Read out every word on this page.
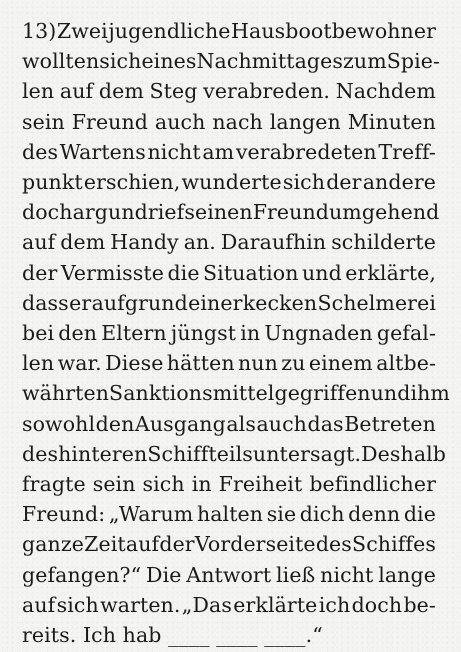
13) Zwei jugendliche Hausbootbewohner
wollten sich eines Nachmittages zum Spie-
len auf dem Steg verabreden. Nachdem
sein Freund auch nach langen Minuten
des Wartens nicht am verabredeten Treff-
punkt erschien, wunderte sich der andere
doch arg und rief seinen Freund umgehend
auf dem Handy an. Daraufhin schilderte
der Vermisste die Situation und erklärte,
dass er aufgrund einer kecken Schelmerei
bei den Eltern jüngst in Ungnaden gefal-
len war. Diese hätten nun zu einem altbe-
währten Sanktionsmittel gegriffen und ihm
sowohl den Ausgang als auch das Betreten
des hinteren Schiffteils untersagt. Deshalb
fragte sein sich in Freiheit befindlicher
Freund: „Warum halten sie dich denn die
ganze Zeit auf der Vorderseite des Schiffes
gefangen?“ Die Antwort ließ nicht lange
auf sich warten. „Das erklärte ich doch be-
reits. Ich hab ____ ____ ____.“
